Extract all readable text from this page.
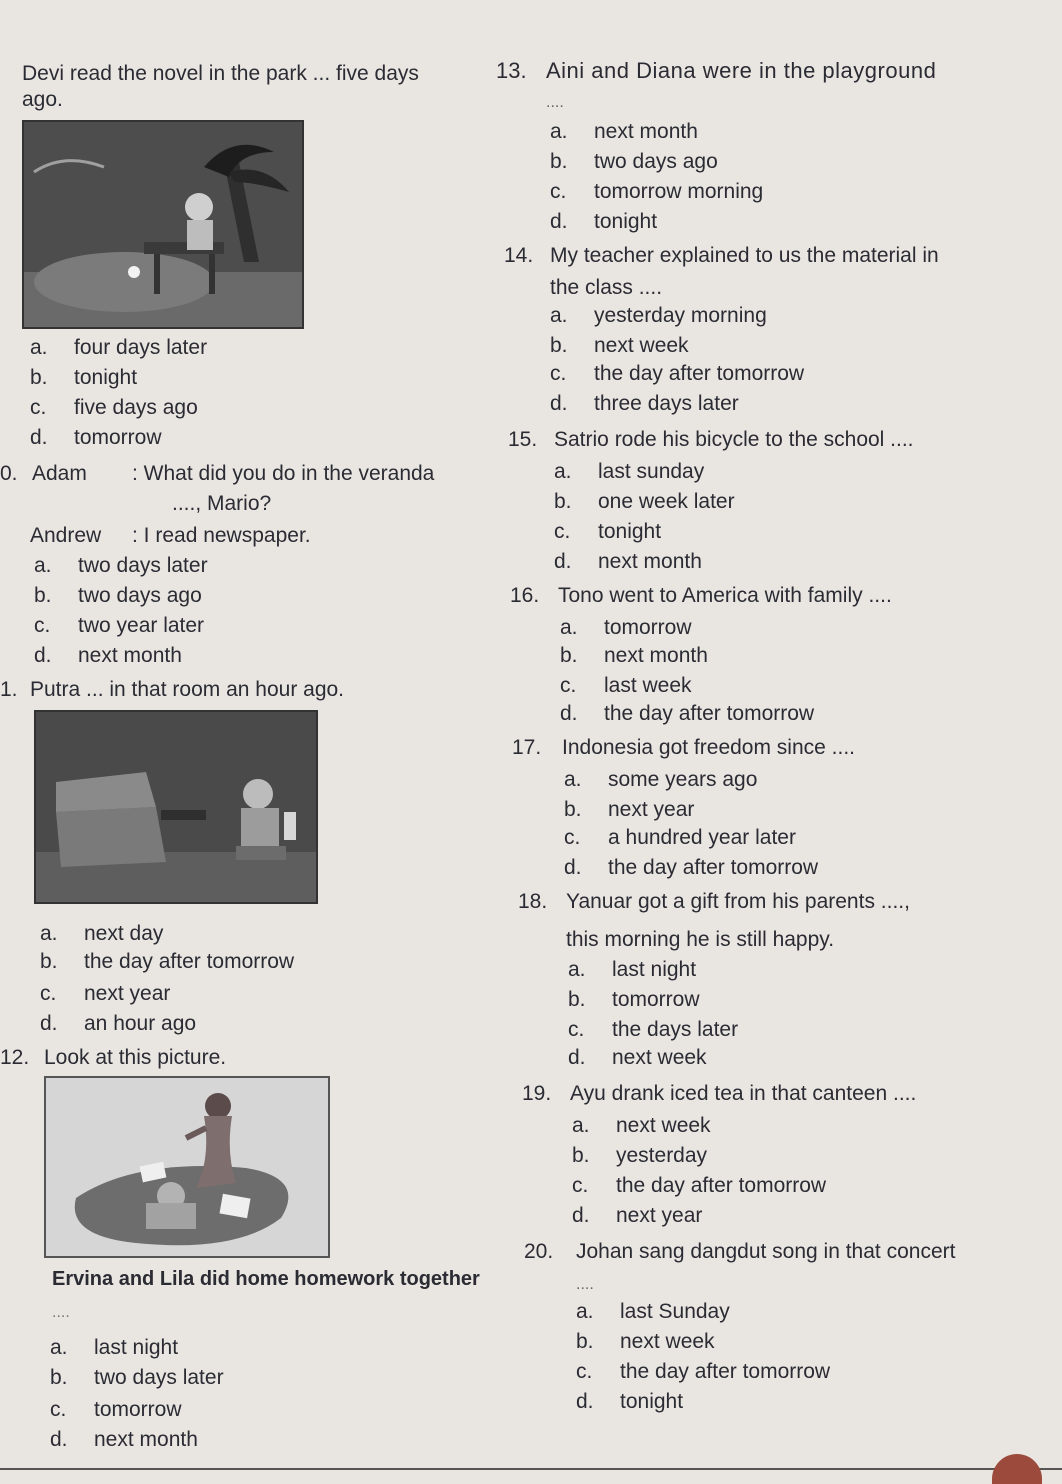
Devi read the novel in the park ... five days
ago.
a. four days later
b. tonight
c. five days ago
d. tomorrow
0. Adam : What did you do in the veranda
...., Mario?
Andrew : I read newspaper.
a. two days later
b. two days ago
c. two year later
d. next month
1. Putra ... in that room an hour ago.
a. next day
b. the day after tomorrow
c. next year
d. an hour ago
12. Look at this picture.
Ervina and Lila did home homework together
....
a. last night
b. two days later
c. tomorrow
d. next month
13. Aini and Diana were in the playground
....
a. next month
b. two days ago
c. tomorrow morning
d. tonight
14. My teacher explained to us the material in
the class ....
a. yesterday morning
b. next week
c. the day after tomorrow
d. three days later
15. Satrio rode his bicycle to the school ....
a. last sunday
b. one week later
c. tonight
d. next month
16. Tono went to America with family ....
a. tomorrow
b. next month
c. last week
d. the day after tomorrow
17. Indonesia got freedom since ....
a. some years ago
b. next year
c. a hundred year later
d. the day after tomorrow
18. Yanuar got a gift from his parents ....,
this morning he is still happy.
a. last night
b. tomorrow
c. the days later
d. next week
19. Ayu drank iced tea in that canteen ....
a. next week
b. yesterday
c. the day after tomorrow
d. next year
20. Johan sang dangdut song in that concert
....
a. last Sunday
b. next week
c. the day after tomorrow
d. tonight
